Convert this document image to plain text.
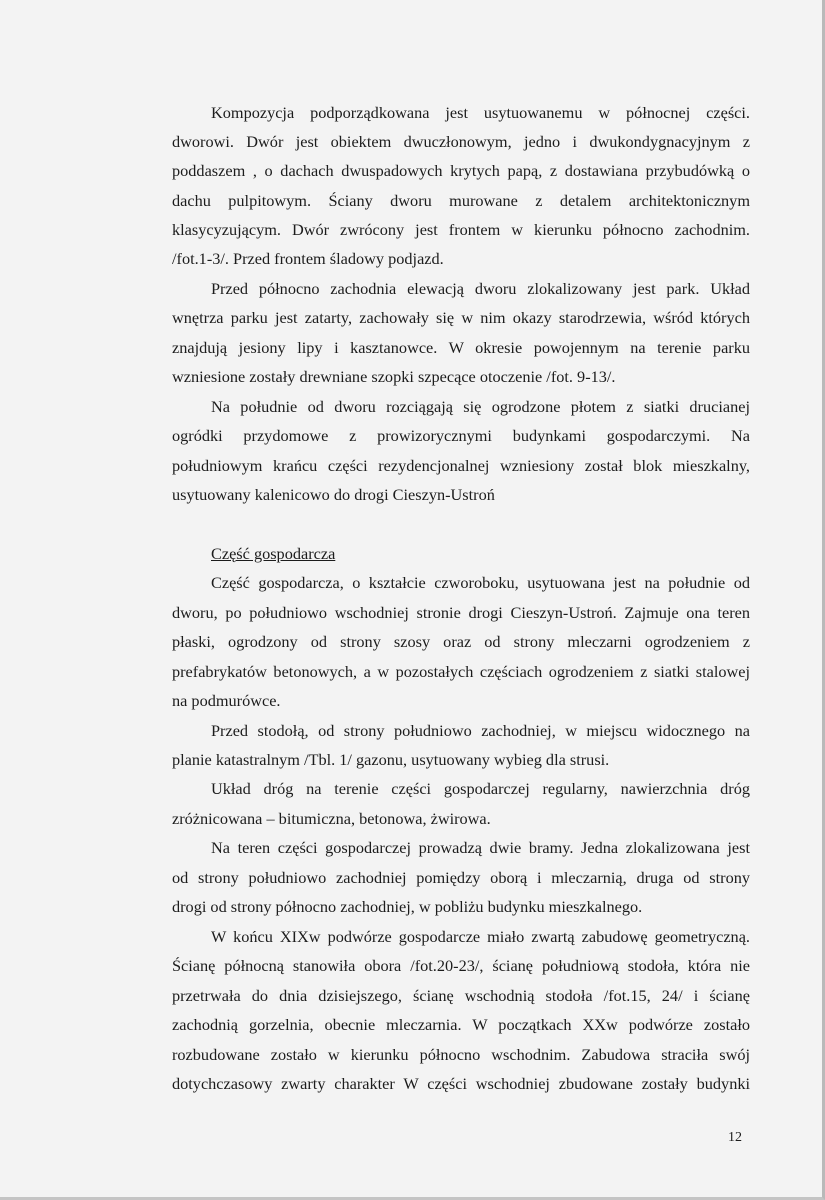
Kompozycja podporządkowana jest usytuowanemu w północnej części.
dworowi. Dwór jest obiektem dwuczłonowym, jedno i dwukondygnacyjnym z
poddaszem , o dachach dwuspadowych krytych papą, z dostawiana przybudówką o
dachu pulpitowym. Ściany dworu murowane z detalem architektonicznym
klasycyzującym. Dwór zwrócony jest frontem w kierunku północno zachodnim.
/fot.1-3/. Przed frontem śladowy podjazd.
Przed północno zachodnia elewacją dworu zlokalizowany jest park. Układ
wnętrza parku jest zatarty, zachowały się w nim okazy starodrzewia, wśród których
znajdują jesiony lipy i kasztanowce. W okresie powojennym na terenie parku
wzniesione zostały drewniane szopki szpecące otoczenie /fot. 9-13/.
Na południe od dworu rozciągają się ogrodzone płotem z siatki drucianej
ogródki przydomowe z prowizorycznymi budynkami gospodarczymi. Na
południowym krańcu części rezydencjonalnej wzniesiony został blok mieszkalny,
usytuowany kalenicowo do drogi Cieszyn-Ustroń
Część gospodarcza
Część gospodarcza, o kształcie czworoboku, usytuowana jest na południe od
dworu, po południowo wschodniej stronie drogi Cieszyn-Ustroń. Zajmuje ona teren
płaski, ogrodzony od strony szosy oraz od strony mleczarni ogrodzeniem z
prefabrykatów betonowych, a w pozostałych częściach ogrodzeniem z siatki stalowej
na podmurówce.
Przed stodołą, od strony południowo zachodniej, w miejscu widocznego na
planie katastralnym /Tbl. 1/ gazonu, usytuowany wybieg dla strusi.
Układ dróg na terenie części gospodarczej regularny, nawierzchnia dróg
zróżnicowana – bitumiczna, betonowa, żwirowa.
Na teren części gospodarczej prowadzą dwie bramy. Jedna zlokalizowana jest
od strony południowo zachodniej pomiędzy oborą i mleczarnią, druga od strony
drogi od strony północno zachodniej, w pobliżu budynku mieszkalnego.
W końcu XIXw podwórze gospodarcze miało zwartą zabudowę geometryczną.
Ścianę północną stanowiła obora /fot.20-23/, ścianę południową stodoła, która nie
przetrwała do dnia dzisiejszego, ścianę wschodnią stodoła /fot.15, 24/ i ścianę
zachodnią gorzelnia, obecnie mleczarnia. W początkach XXw podwórze zostało
rozbudowane zostało w kierunku północno wschodnim. Zabudowa straciła swój
dotychczasowy zwarty charakter W części wschodniej zbudowane zostały budynki
12
